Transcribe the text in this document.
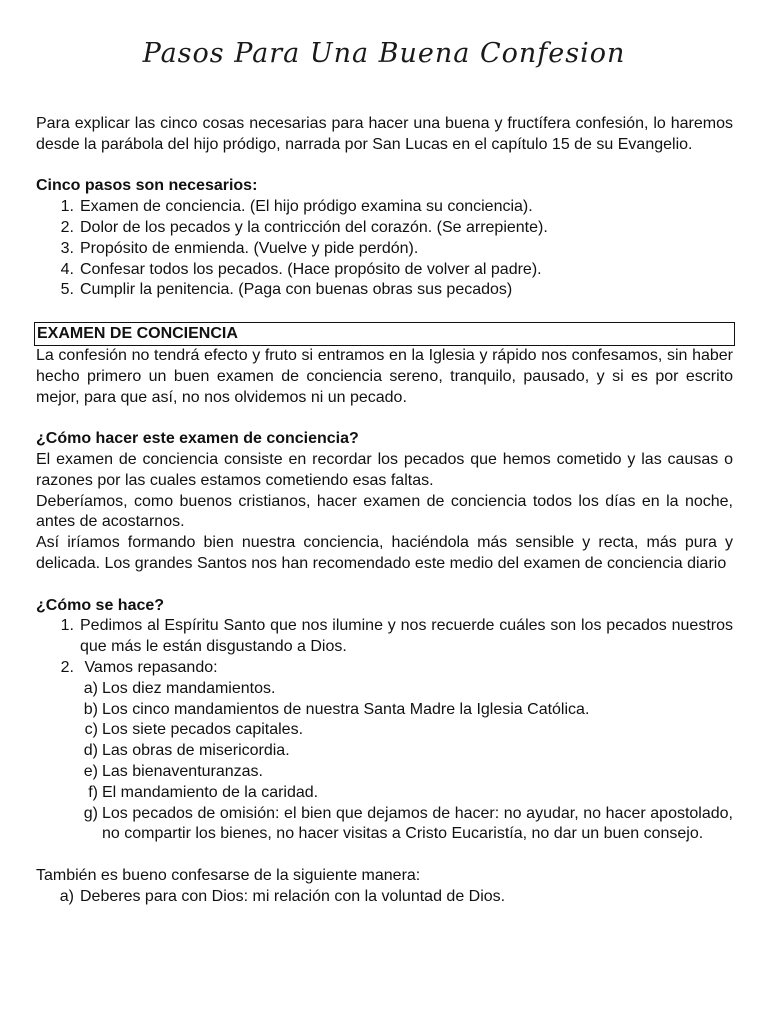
Pasos Para Una Buena Confesion

Para explicar las cinco cosas necesarias para hacer una buena y fructífera confesión, lo haremos desde la parábola del hijo pródigo, narrada por San Lucas en el capítulo 15 de su Evangelio.

Cinco pasos son necesarios:

1. Examen de conciencia. (El hijo pródigo examina su conciencia).
2. Dolor de los pecados y la contricción del corazón. (Se arrepiente).
3. Propósito de enmienda. (Vuelve y pide perdón).
4. Confesar todos los pecados. (Hace propósito de volver al padre).
5. Cumplir la penitencia. (Paga con buenas obras sus pecados)
EXAMEN DE CONCIENCIA

La confesión no tendrá efecto y fruto si entramos en la Iglesia y rápido nos confesamos, sin haber hecho primero un buen examen de conciencia sereno, tranquilo, pausado, y si es por escrito mejor, para que así, no nos olvidemos ni un pecado.

¿Cómo hacer este examen de conciencia?

El examen de conciencia consiste en recordar los pecados que hemos cometido y las causas o razones por las cuales estamos cometiendo esas faltas.

Deberíamos, como buenos cristianos, hacer examen de conciencia todos los días en la noche, antes de acostarnos.

Así iríamos formando bien nuestra conciencia, haciéndola más sensible y recta, más pura y delicada. Los grandes Santos nos han recomendado este medio del examen de conciencia diario

¿Cómo se hace?

1. Pedimos al Espíritu Santo que nos ilumine y nos recuerde cuáles son los pecados nuestros que más le están disgustando a Dios.
2. Vamos repasando:
a) Los diez mandamientos.
b) Los cinco mandamientos de nuestra Santa Madre la Iglesia Católica.
c) Los siete pecados capitales.
d) Las obras de misericordia.
e) Las bienaventuranzas.
f) El mandamiento de la caridad.
g) Los pecados de omisión: el bien que dejamos de hacer: no ayudar, no hacer apostolado, no compartir los bienes, no hacer visitas a Cristo Eucaristía, no dar un buen consejo.

También es bueno confesarse de la siguiente manera:

a) Deberes para con Dios: mi relación con la voluntad de Dios.
